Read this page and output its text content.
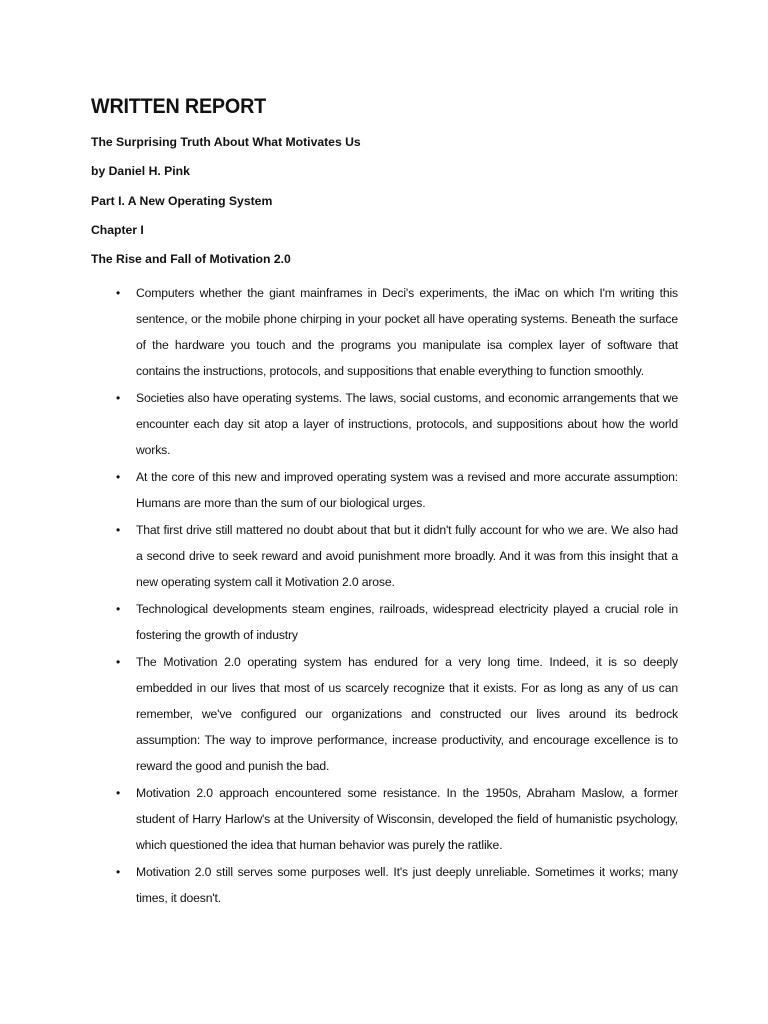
WRITTEN REPORT

The Surprising Truth About What Motivates Us

by Daniel H. Pink

Part I. A New Operating System

Chapter I

The Rise and Fall of Motivation 2.0

• Computers whether the giant mainframes in Deci's experiments, the iMac on which I'm writing this sentence, or the mobile phone chirping in your pocket all have operating systems. Beneath the surface of the hardware you touch and the programs you manipulate isa complex layer of software that contains the instructions, protocols, and suppositions that enable everything to function smoothly.
• Societies also have operating systems. The laws, social customs, and economic arrangements that we encounter each day sit atop a layer of instructions, protocols, and suppositions about how the world works.
• At the core of this new and improved operating system was a revised and more accurate assumption: Humans are more than the sum of our biological urges.
• That first drive still mattered no doubt about that but it didn't fully account for who we are. We also had a second drive to seek reward and avoid punishment more broadly. And it was from this insight that a new operating system call it Motivation 2.0 arose.
• Technological developments steam engines, railroads, widespread electricity played a crucial role in fostering the growth of industry
• The Motivation 2.0 operating system has endured for a very long time. Indeed, it is so deeply embedded in our lives that most of us scarcely recognize that it exists. For as long as any of us can remember, we've configured our organizations and constructed our lives around its bedrock assumption: The way to improve performance, increase productivity, and encourage excellence is to reward the good and punish the bad.
• Motivation 2.0 approach encountered some resistance. In the 1950s, Abraham Maslow, a former student of Harry Harlow's at the University of Wisconsin, developed the field of humanistic psychology, which questioned the idea that human behavior was purely the ratlike.
• Motivation 2.0 still serves some purposes well. It's just deeply unreliable. Sometimes it works; many times, it doesn't.
